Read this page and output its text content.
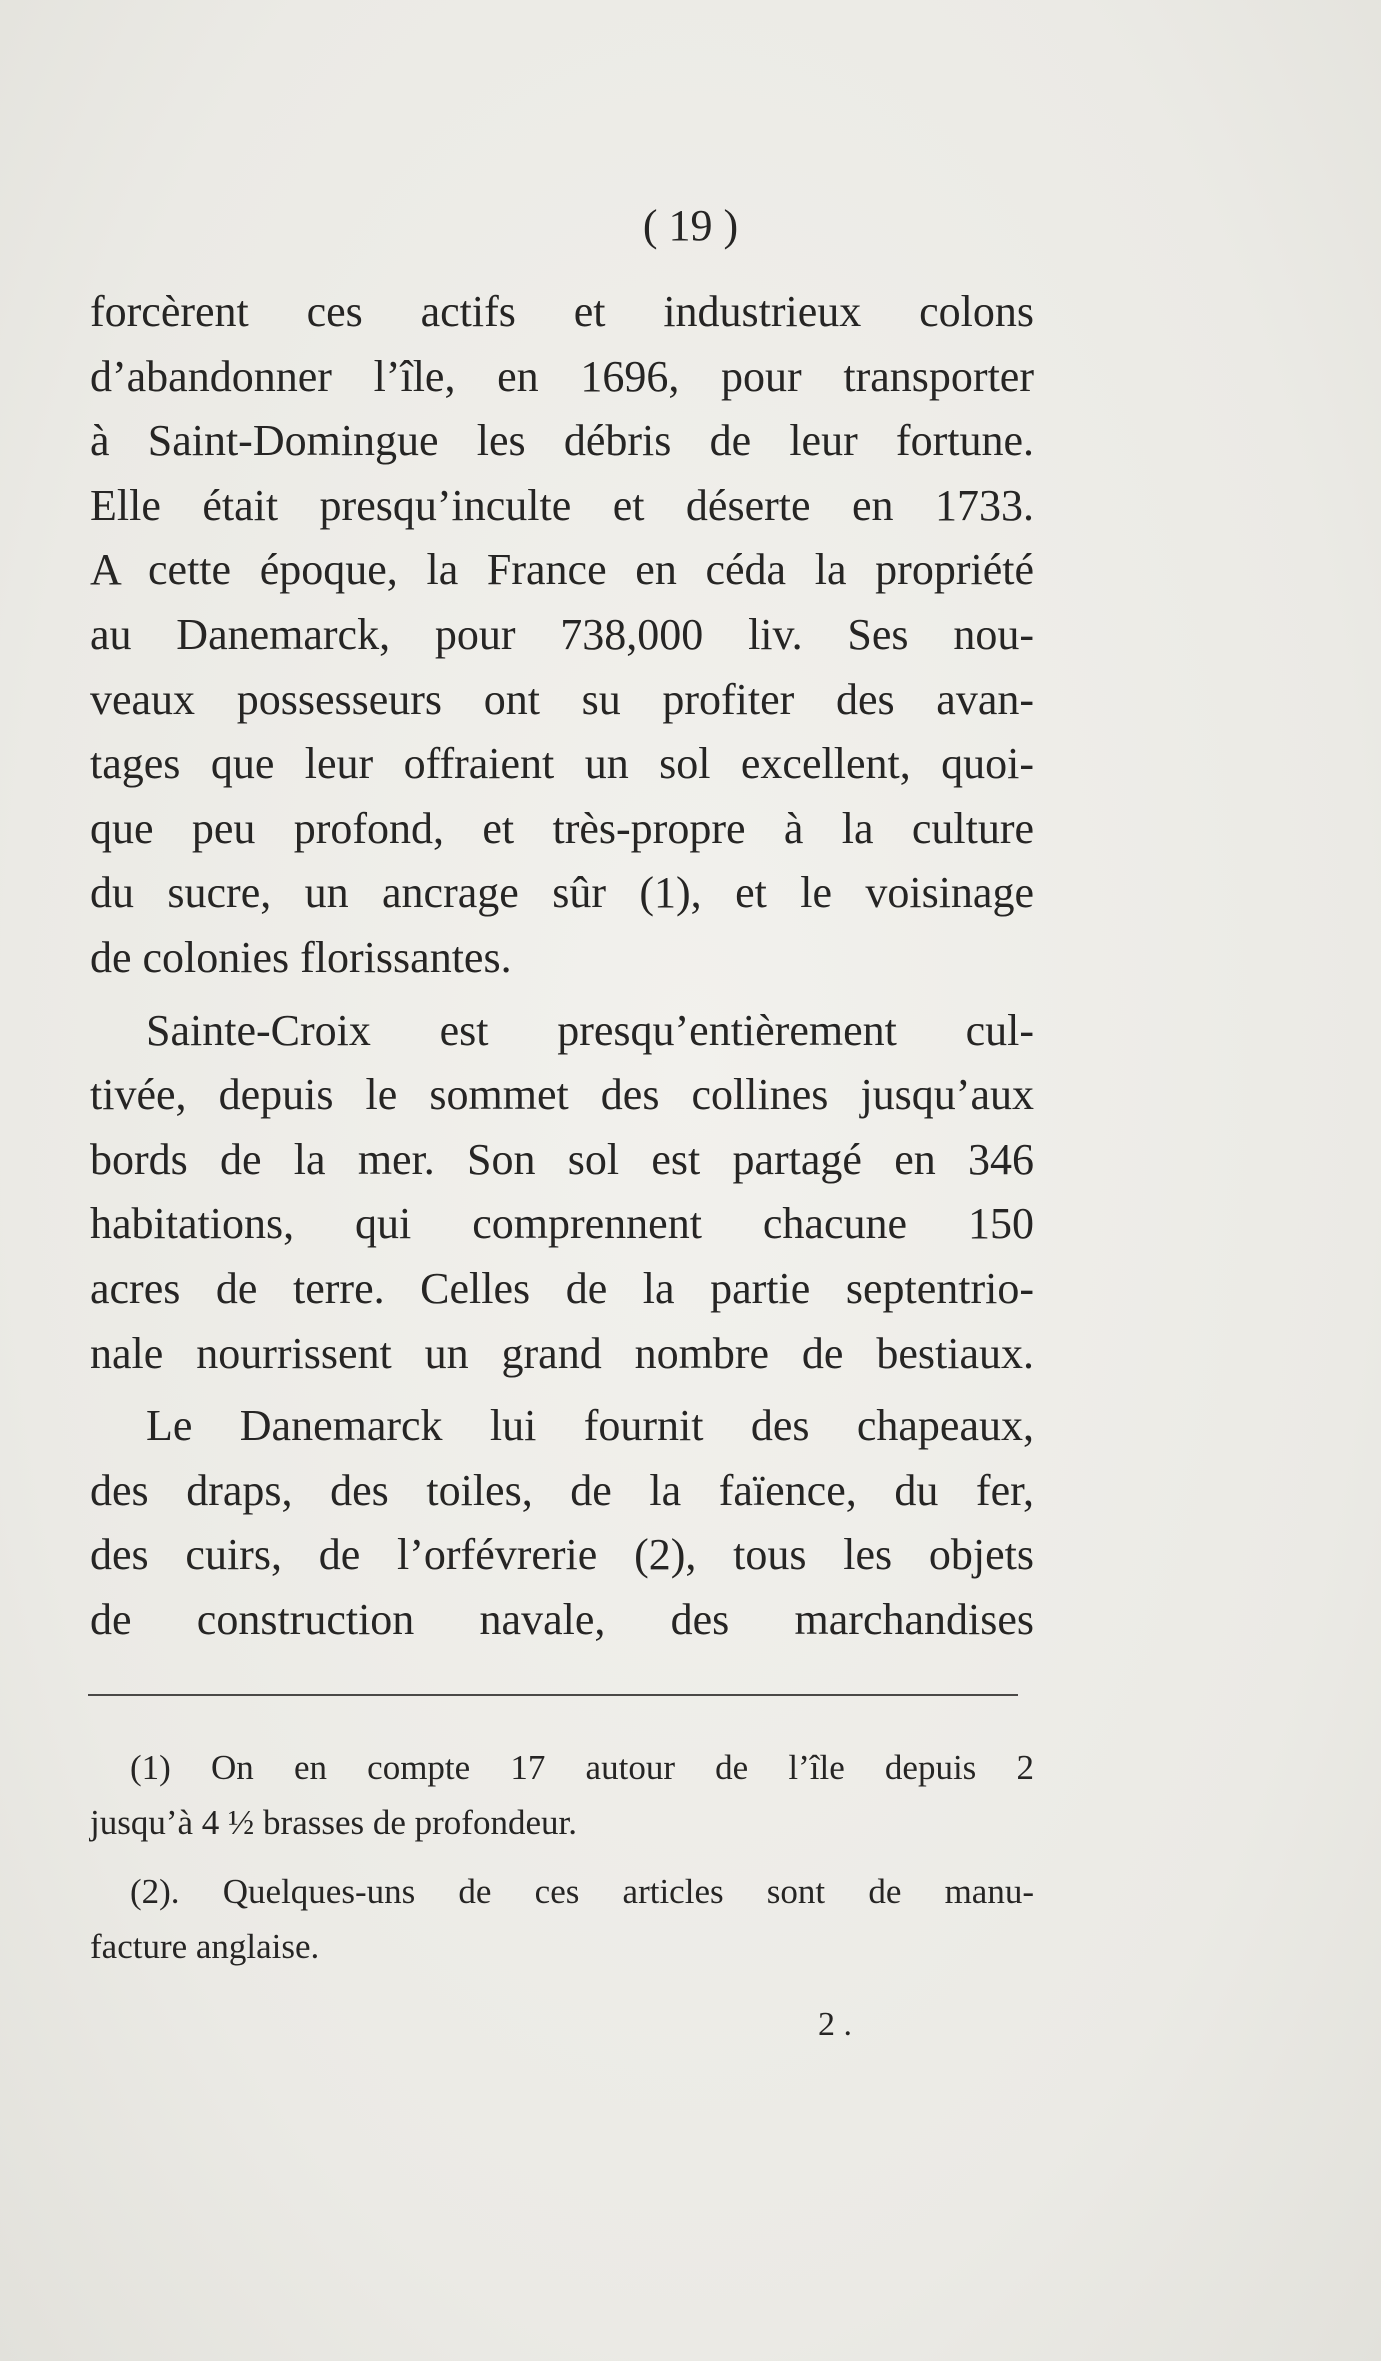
( 19 )
forcèrent ces actifs et industrieux colons
d’abandonner l’île, en 1696, pour transporter
à Saint-Domingue les débris de leur fortune.
Elle était presqu’inculte et déserte en 1733.
A cette époque, la France en céda la propriété
au Danemarck, pour 738,000 liv. Ses nou-
veaux possesseurs ont su profiter des avan-
tages que leur offraient un sol excellent, quoi-
que peu profond, et très-propre à la culture
du sucre, un ancrage sûr (1), et le voisinage
de colonies florissantes.
Sainte-Croix est presqu’entièrement cul-
tivée, depuis le sommet des collines jusqu’aux
bords de la mer. Son sol est partagé en 346
habitations, qui comprennent chacune 150
acres de terre. Celles de la partie septentrio-
nale nourrissent un grand nombre de bestiaux.
Le Danemarck lui fournit des chapeaux,
des draps, des toiles, de la faïence, du fer,
des cuirs, de l’orfévrerie (2), tous les objets
de construction navale, des marchandises
(1) On en compte 17 autour de l’île depuis 2
jusqu’à 4 ½ brasses de profondeur.
(2). Quelques-uns de ces articles sont de manu-
facture anglaise.
2 .
